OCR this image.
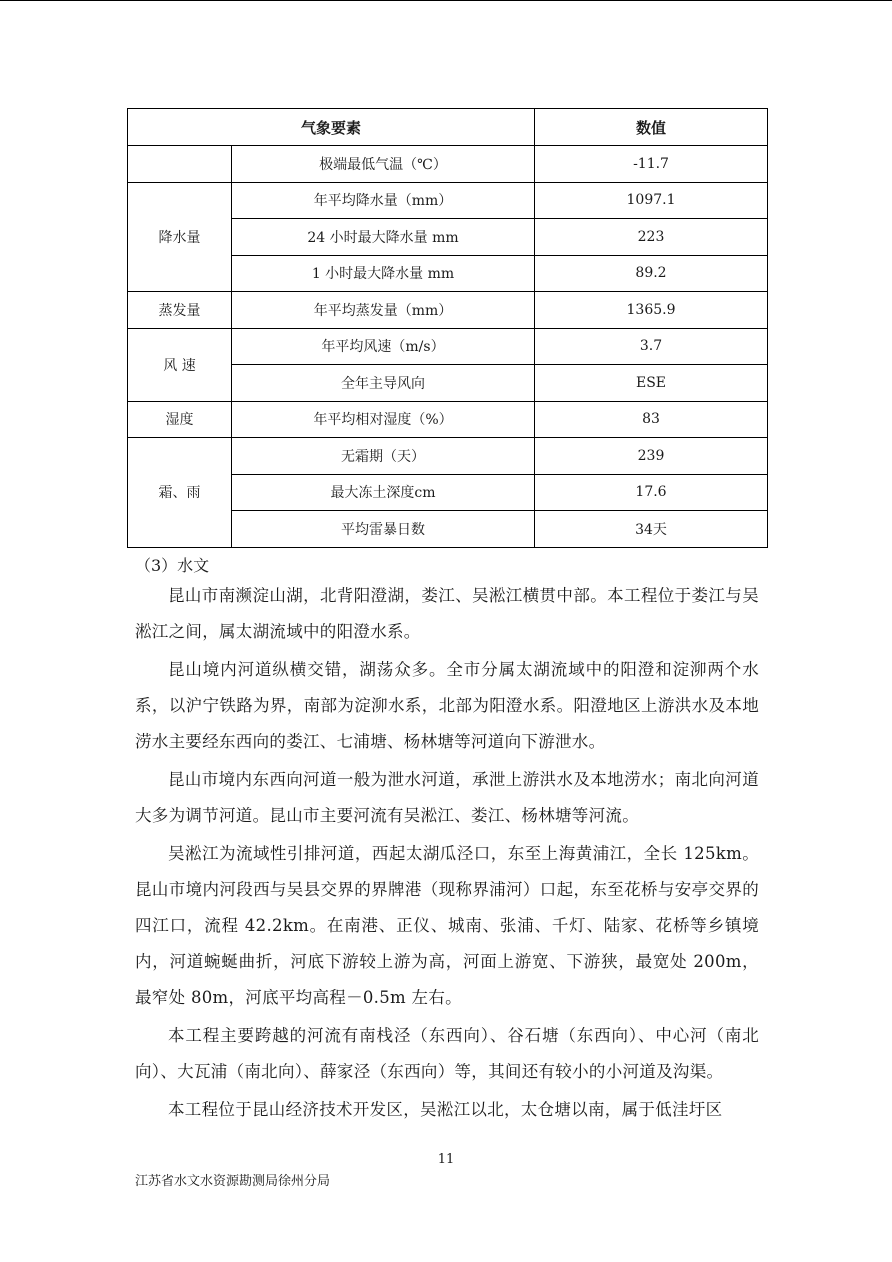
气象要素		数值
	极端最低气温（℃）	-11.7
降水量	年平均降水量（mm）	1097.1
	24 小时最大降水量 mm	223
	1 小时最大降水量 mm	89.2
蒸发量	年平均蒸发量（mm）	1365.9
风 速	年平均风速（m/s）	3.7
	全年主导风向	ESE
湿度	年平均相对湿度（%）	83
霜、雨	无霜期（天）	239
	最大冻土深度cm	17.6
	平均雷暴日数	34天
（3）水文

昆山市南濒淀山湖，北背阳澄湖，娄江、吴淞江横贯中部。本工程位于娄江与吴淞江之间，属太湖流域中的阳澄水系。

昆山境内河道纵横交错，湖荡众多。全市分属太湖流域中的阳澄和淀泖两个水系，以沪宁铁路为界，南部为淀泖水系，北部为阳澄水系。阳澄地区上游洪水及本地涝水主要经东西向的娄江、七浦塘、杨林塘等河道向下游泄水。

昆山市境内东西向河道一般为泄水河道，承泄上游洪水及本地涝水；南北向河道大多为调节河道。昆山市主要河流有吴淞江、娄江、杨林塘等河流。

吴淞江为流域性引排河道，西起太湖瓜泾口，东至上海黄浦江，全长 125km。昆山市境内河段西与吴县交界的界牌港（现称界浦河）口起，东至花桥与安亭交界的四江口，流程 42.2km。在南港、正仪、城南、张浦、千灯、陆家、花桥等乡镇境内，河道蜿蜒曲折，河底下游较上游为高，河面上游宽、下游狭，最宽处 200m，最窄处 80m，河底平均高程－0.5m 左右。

本工程主要跨越的河流有南栈泾（东西向）、谷石塘（东西向）、中心河（南北向）、大瓦浦（南北向）、薛家泾（东西向）等，其间还有较小的小河道及沟渠。

本工程位于昆山经济技术开发区，吴淞江以北，太仓塘以南，属于低洼圩区

11
江苏省水文水资源勘测局徐州分局
